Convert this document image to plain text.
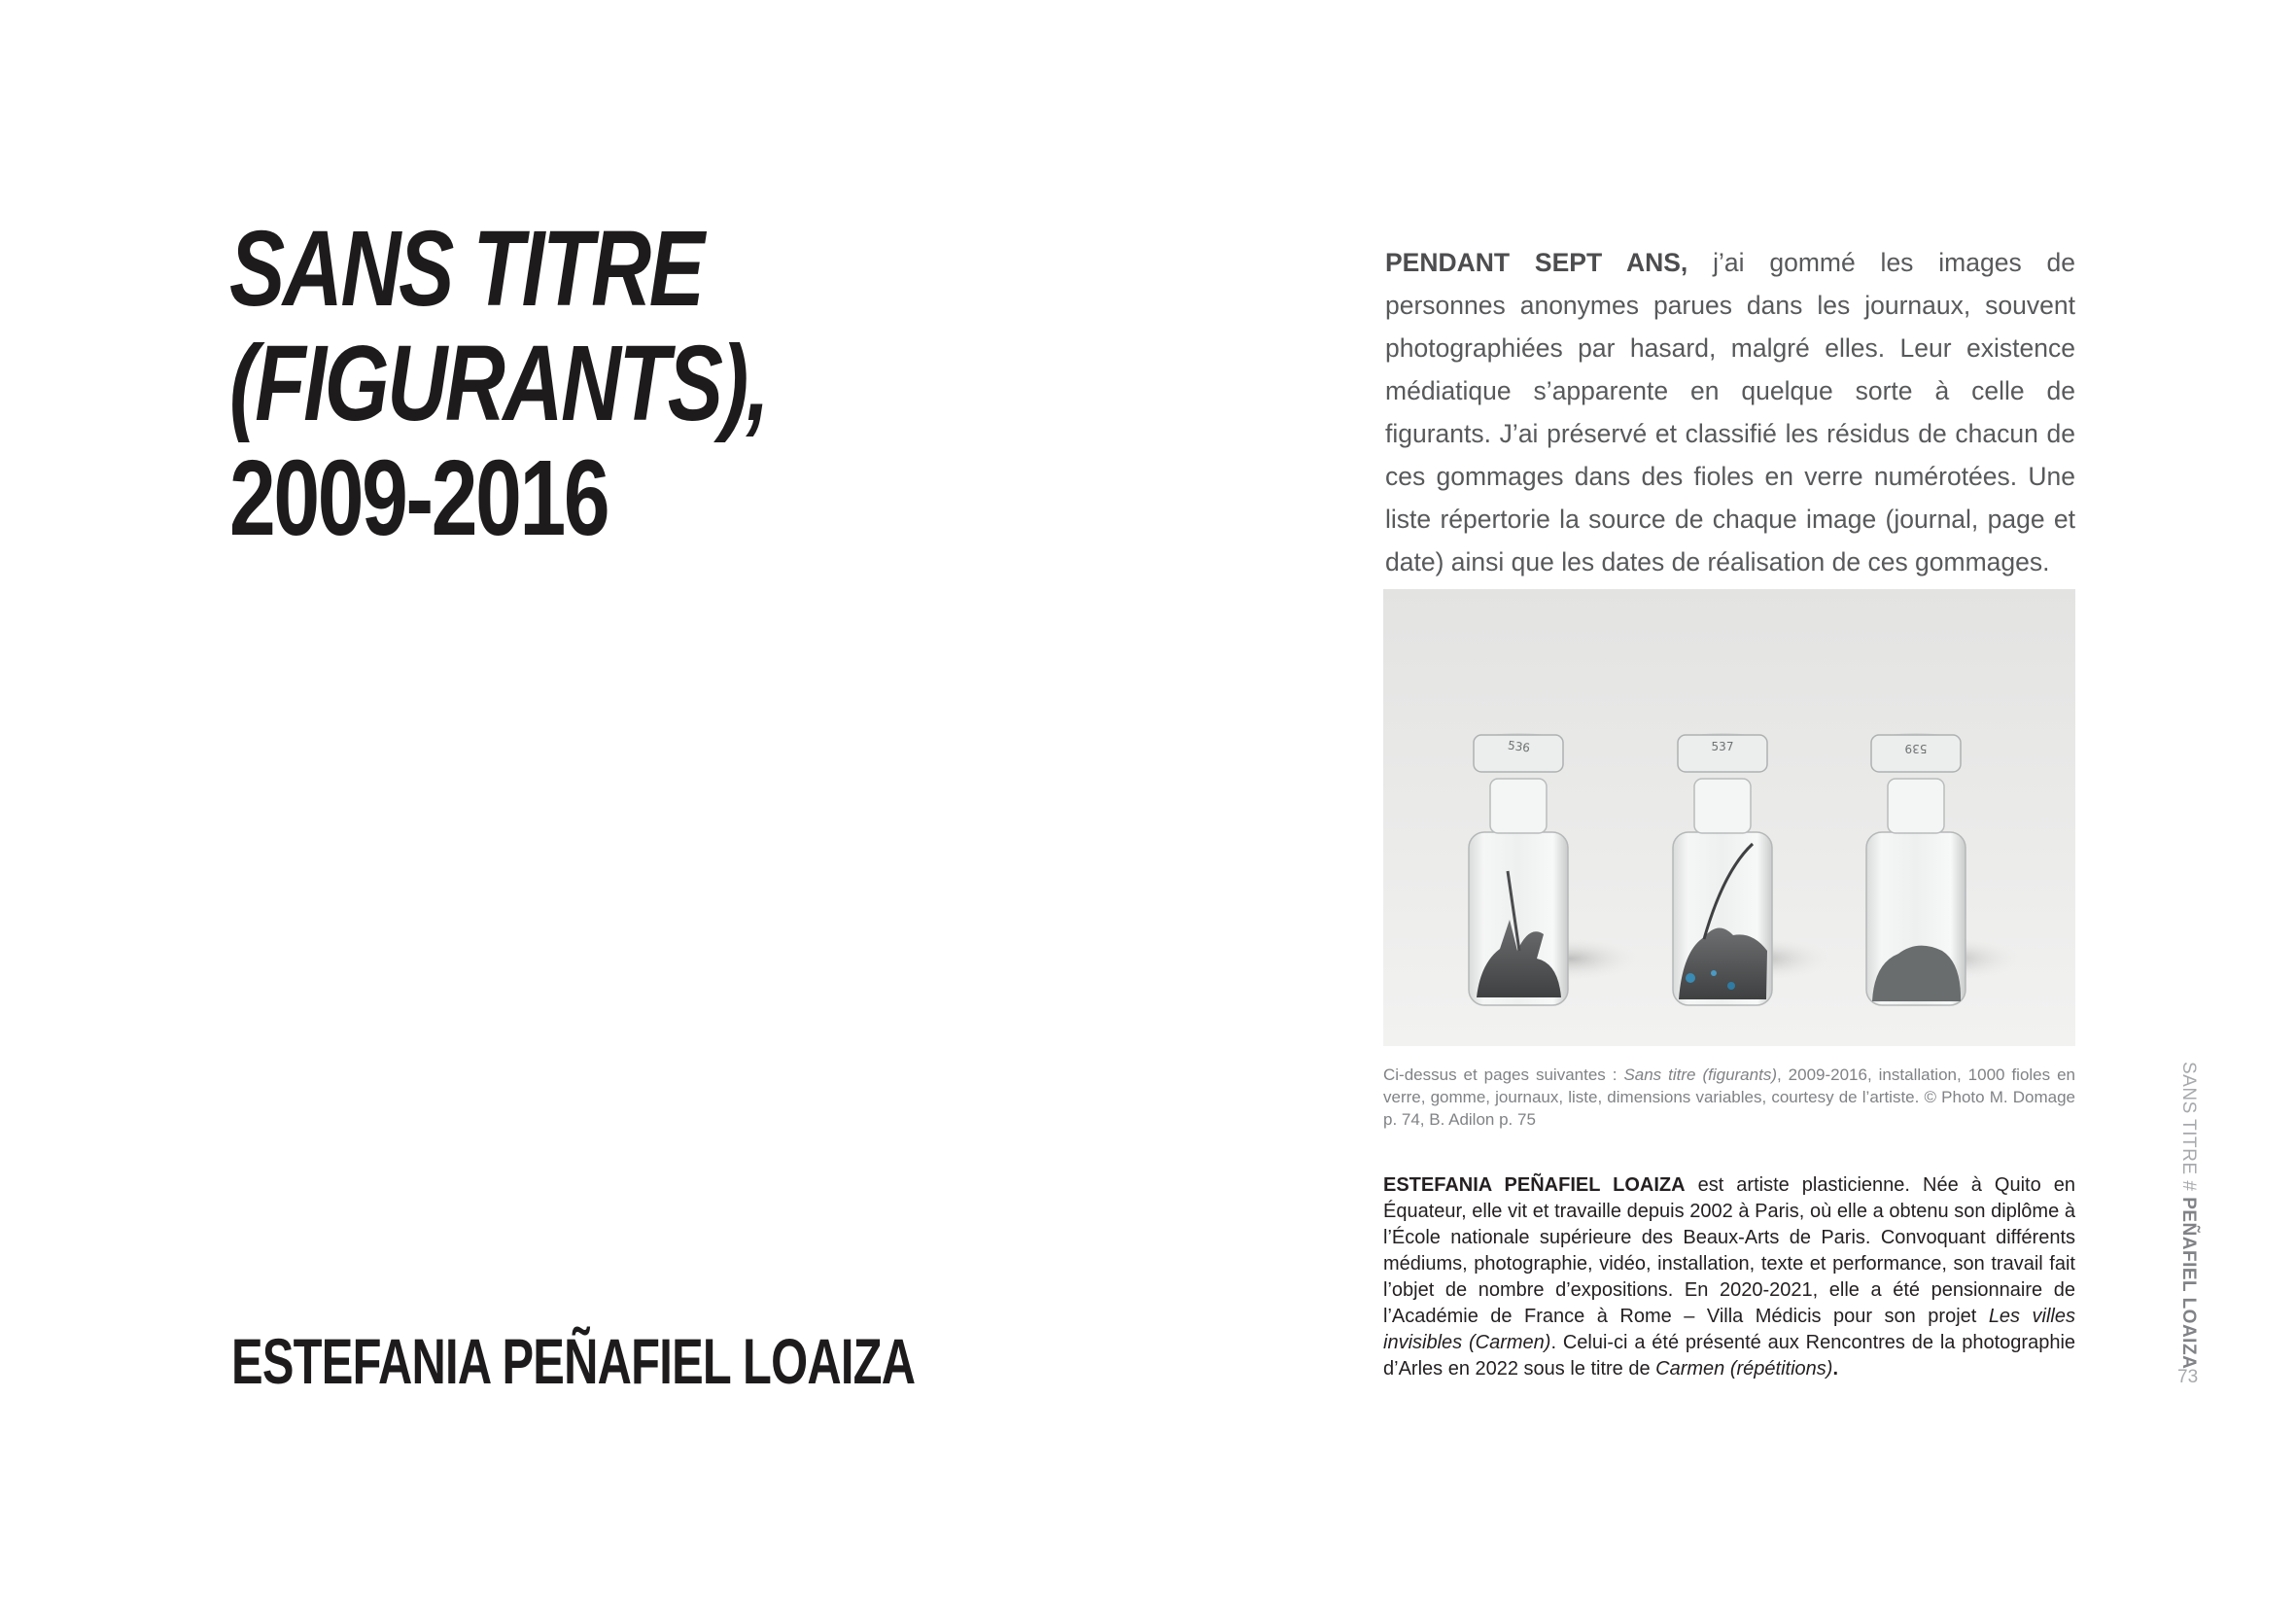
SANS TITRE
(FIGURANTS),
2009-2016
ESTEFANIA PEÑAFIEL LOAIZA
PENDANT SEPT ANS, j’ai gommé les images de personnes anonymes parues dans les journaux, souvent photographiées par hasard, malgré elles. Leur existence médiatique s’apparente en quelque sorte à celle de figurants. J’ai préservé et classifié les résidus de chacun de ces gommages dans des fioles en verre numérotées. Une liste répertorie la source de chaque image (journal, page et date) ainsi que les dates de réalisation de ces gommages.
536	537	539
Ci-dessus et pages suivantes : Sans titre (figurants), 2009-2016, installation, 1000 fioles en verre, gomme, journaux, liste, dimensions variables, courtesy de l’artiste. © Photo M. Domage p. 74, B. Adilon p. 75
ESTEFANIA PEÑAFIEL LOAIZA est artiste plasticienne. Née à Quito en Équateur, elle vit et travaille depuis 2002 à Paris, où elle a obtenu son diplôme à l’École nationale supérieure des Beaux-Arts de Paris. Convoquant différents médiums, photographie, vidéo, installation, texte et performance, son travail fait l’objet de nombre d’expositions. En 2020-2021, elle a été pensionnaire de l’Académie de France à Rome – Villa Médicis pour son projet Les villes invisibles (Carmen). Celui-ci a été présenté aux Rencontres de la photographie d’Arles en 2022 sous le titre de Carmen (répétitions).
SANS TITRE # PEÑAFIEL LOAIZA
73
